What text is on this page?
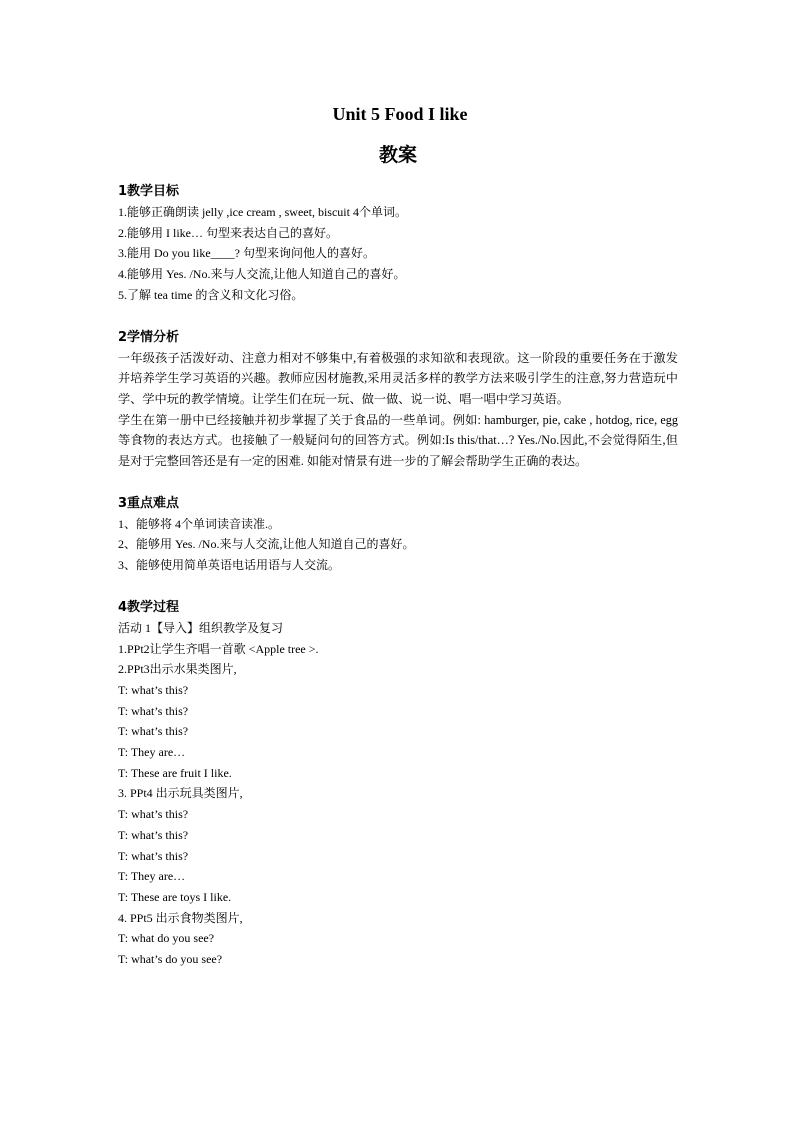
Unit 5 Food I like
教案
1教学目标
1.能够正确朗读 jelly ,ice cream , sweet, biscuit 4个单词。
2.能够用 I like… 句型来表达自己的喜好。
3.能用 Do you like____? 句型来询问他人的喜好。
4.能够用 Yes. /No.来与人交流,让他人知道自己的喜好。
5.了解 tea time 的含义和文化习俗。
2学情分析
一年级孩子活泼好动、注意力相对不够集中,有着极强的求知欲和表现欲。这一阶段的重要任务在于激发并培养学生学习英语的兴趣。教师应因材施教,采用灵活多样的教学方法来吸引学生的注意,努力营造玩中学、学中玩的教学情境。让学生们在玩一玩、做一做、说一说、唱一唱中学习英语。
学生在第一册中已经接触并初步掌握了关于食品的一些单词。例如: hamburger, pie, cake , hotdog, rice, egg 等食物的表达方式。也接触了一般疑问句的回答方式。例如:Is this/that…? Yes./No.因此,不会觉得陌生,但是对于完整回答还是有一定的困难. 如能对情景有进一步的了解会帮助学生正确的表达。
3重点难点
1、能够将 4个单词读音读准.。
2、能够用 Yes. /No.来与人交流,让他人知道自己的喜好。
3、能够使用简单英语电话用语与人交流。
4教学过程
活动 1【导入】组织教学及复习
1.PPt2让学生齐唱一首歌 <Apple tree >.
2.PPt3出示水果类图片,
T: what’s this?
T: what’s this?
T: what’s this?
T: They are…
T: These are fruit I like.
3. PPt4 出示玩具类图片,
T: what’s this?
T: what’s this?
T: what’s this?
T: They are…
T: These are toys I like.
4. PPt5 出示食物类图片,
T: what do you see?
T: what’s do you see?
